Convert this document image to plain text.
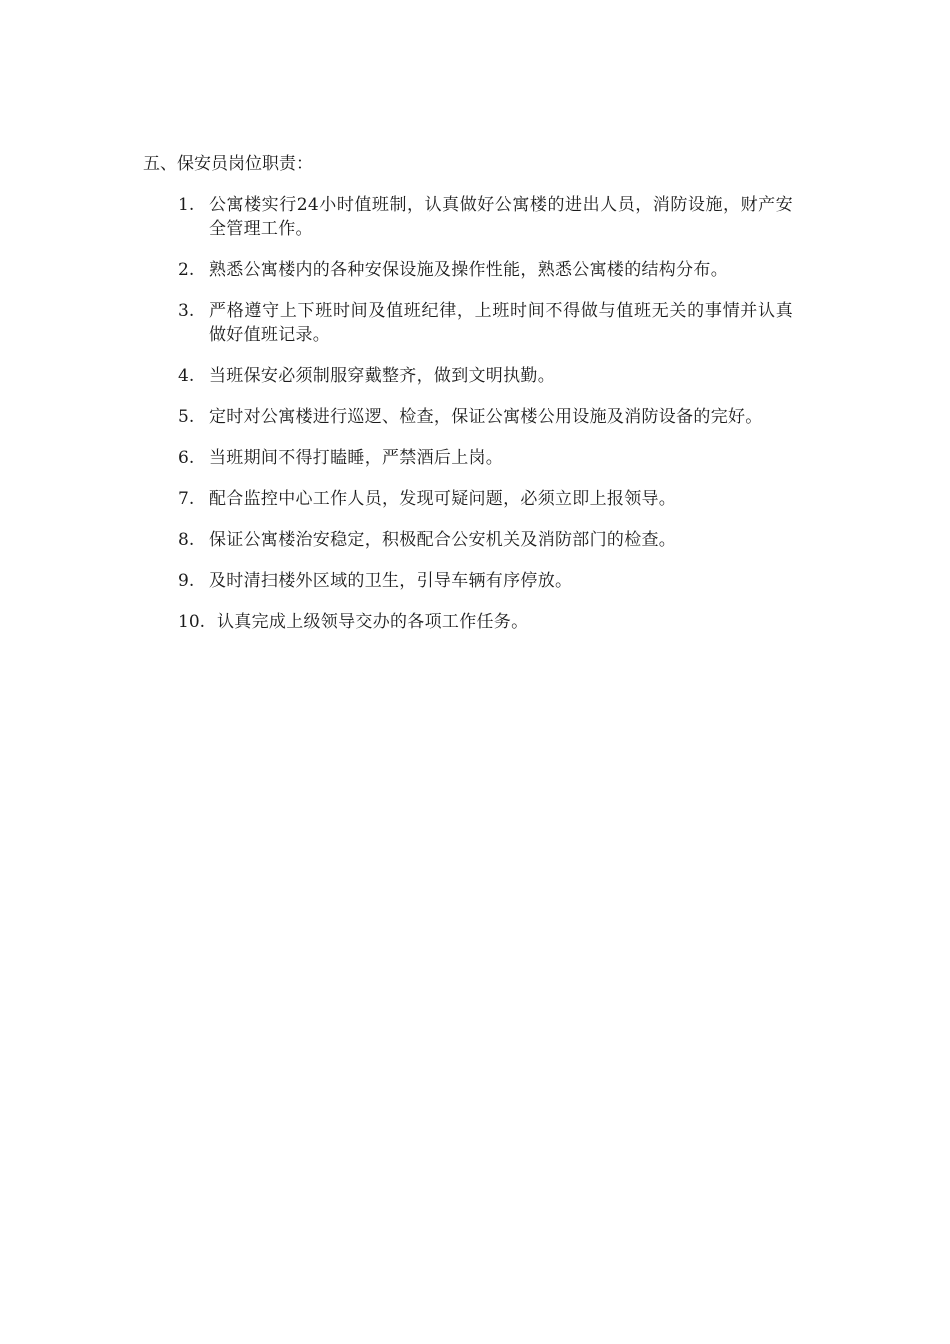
五、保安员岗位职责：
1. 公寓楼实行24小时值班制，认真做好公寓楼的进出人员，消防设施，财产安全管理工作。
2. 熟悉公寓楼内的各种安保设施及操作性能，熟悉公寓楼的结构分布。
3. 严格遵守上下班时间及值班纪律，上班时间不得做与值班无关的事情并认真做好值班记录。
4. 当班保安必须制服穿戴整齐，做到文明执勤。
5. 定时对公寓楼进行巡逻、检查，保证公寓楼公用设施及消防设备的完好。
6. 当班期间不得打瞌睡，严禁酒后上岗。
7. 配合监控中心工作人员，发现可疑问题，必须立即上报领导。
8. 保证公寓楼治安稳定，积极配合公安机关及消防部门的检查。
9. 及时清扫楼外区域的卫生，引导车辆有序停放。
10. 认真完成上级领导交办的各项工作任务。
